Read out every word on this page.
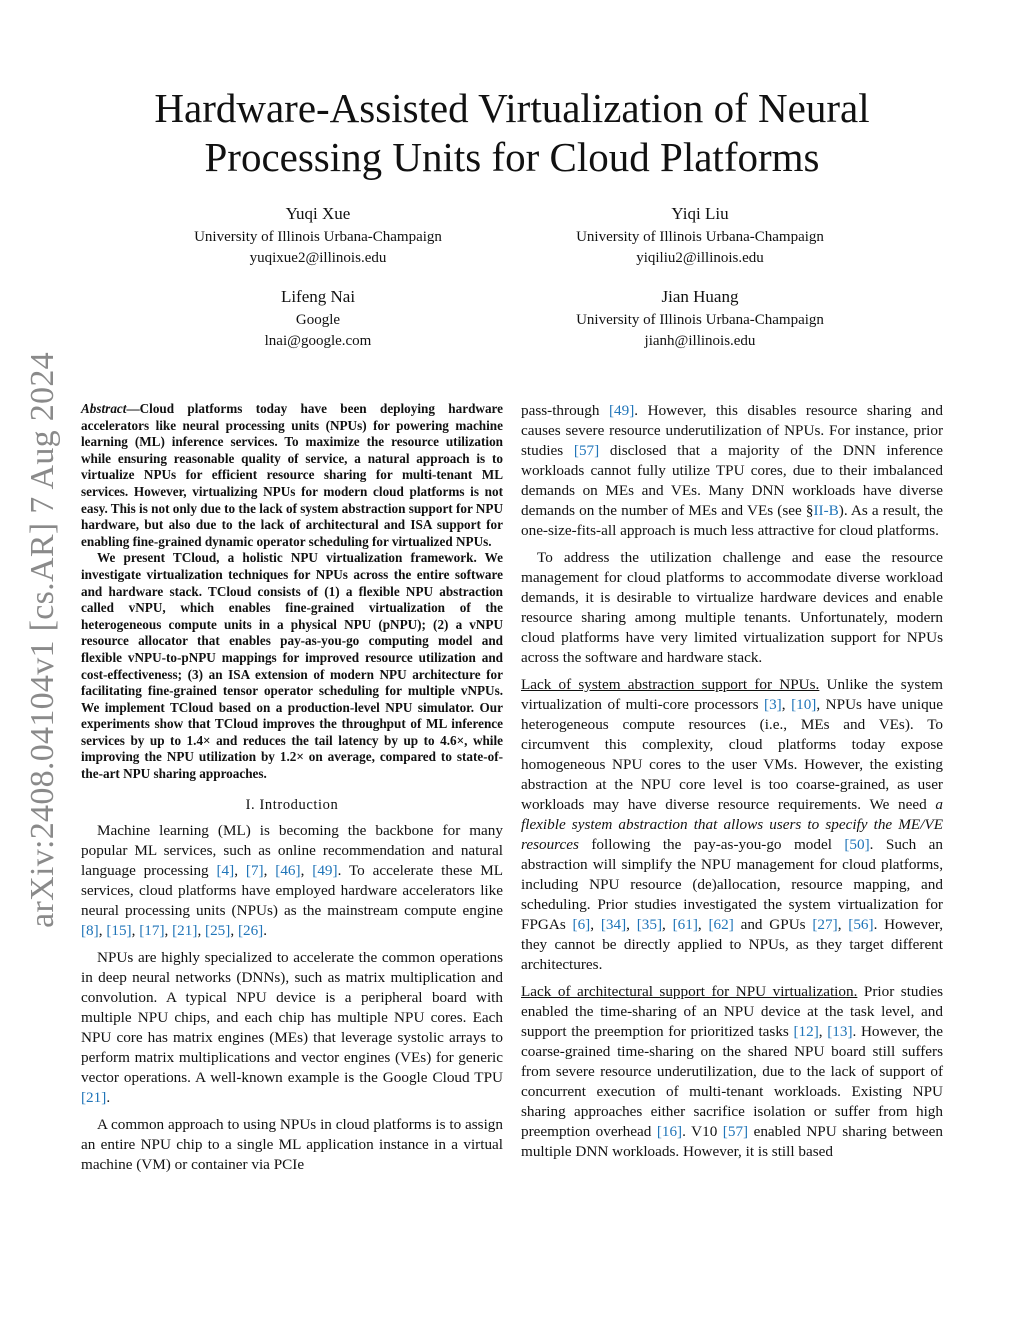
arXiv:2408.04104v1 [cs.AR] 7 Aug 2024
Hardware-Assisted Virtualization of Neural
Processing Units for Cloud Platforms
Yuqi Xue
University of Illinois Urbana-Champaign
yuqixue2@illinois.edu
Yiqi Liu
University of Illinois Urbana-Champaign
yiqiliu2@illinois.edu
Lifeng Nai
Google
lnai@google.com
Jian Huang
University of Illinois Urbana-Champaign
jianh@illinois.edu

Abstract—Cloud platforms today have been deploying hardware accelerators like neural processing units (NPUs) for powering machine learning (ML) inference services. To maximize the resource utilization while ensuring reasonable quality of service, a natural approach is to virtualize NPUs for efficient resource sharing for multi-tenant ML services. However, virtualizing NPUs for modern cloud platforms is not easy. This is not only due to the lack of system abstraction support for NPU hardware, but also due to the lack of architectural and ISA support for enabling fine-grained dynamic operator scheduling for virtualized NPUs.

We present TCloud, a holistic NPU virtualization framework. We investigate virtualization techniques for NPUs across the entire software and hardware stack. TCloud consists of (1) a flexible NPU abstraction called vNPU, which enables fine-grained virtualization of the heterogeneous compute units in a physical NPU (pNPU); (2) a vNPU resource allocator that enables pay-as-you-go computing model and flexible vNPU-to-pNPU mappings for improved resource utilization and cost-effectiveness; (3) an ISA extension of modern NPU architecture for facilitating fine-grained tensor operator scheduling for multiple vNPUs. We implement TCloud based on a production-level NPU simulator. Our experiments show that TCloud improves the throughput of ML inference services by up to 1.4× and reduces the tail latency by up to 4.6×, while improving the NPU utilization by 1.2× on average, compared to state-of-the-art NPU sharing approaches.

I. Introduction

Machine learning (ML) is becoming the backbone for many popular ML services, such as online recommendation and natural language processing [4], [7], [46], [49]. To accelerate these ML services, cloud platforms have employed hardware accelerators like neural processing units (NPUs) as the mainstream compute engine [8], [15], [17], [21], [25], [26].

NPUs are highly specialized to accelerate the common operations in deep neural networks (DNNs), such as matrix multiplication and convolution. A typical NPU device is a peripheral board with multiple NPU chips, and each chip has multiple NPU cores. Each NPU core has matrix engines (MEs) that leverage systolic arrays to perform matrix multiplications and vector engines (VEs) for generic vector operations. A well-known example is the Google Cloud TPU [21].

A common approach to using NPUs in cloud platforms is to assign an entire NPU chip to a single ML application instance in a virtual machine (VM) or container via PCIe

pass-through [49]. However, this disables resource sharing and causes severe resource underutilization of NPUs. For instance, prior studies [57] disclosed that a majority of the DNN inference workloads cannot fully utilize TPU cores, due to their imbalanced demands on MEs and VEs. Many DNN workloads have diverse demands on the number of MEs and VEs (see §II-B). As a result, the one-size-fits-all approach is much less attractive for cloud platforms.

To address the utilization challenge and ease the resource management for cloud platforms to accommodate diverse workload demands, it is desirable to virtualize hardware devices and enable resource sharing among multiple tenants. Unfortunately, modern cloud platforms have very limited virtualization support for NPUs across the software and hardware stack.

Lack of system abstraction support for NPUs. Unlike the system virtualization of multi-core processors [3], [10], NPUs have unique heterogeneous compute resources (i.e., MEs and VEs). To circumvent this complexity, cloud platforms today expose homogeneous NPU cores to the user VMs. However, the existing abstraction at the NPU core level is too coarse-grained, as user workloads may have diverse resource requirements. We need a flexible system abstraction that allows users to specify the ME/VE resources following the pay-as-you-go model [50]. Such an abstraction will simplify the NPU management for cloud platforms, including NPU resource (de)allocation, resource mapping, and scheduling. Prior studies investigated the system virtualization for FPGAs [6], [34], [35], [61], [62] and GPUs [27], [56]. However, they cannot be directly applied to NPUs, as they target different architectures.

Lack of architectural support for NPU virtualization. Prior studies enabled the time-sharing of an NPU device at the task level, and support the preemption for prioritized tasks [12], [13]. However, the coarse-grained time-sharing on the shared NPU board still suffers from severe resource underutilization, due to the lack of support of concurrent execution of multi-tenant workloads. Existing NPU sharing approaches either sacrifice isolation or suffer from high preemption overhead [16]. V10 [57] enabled NPU sharing between multiple DNN workloads. However, it is still based
